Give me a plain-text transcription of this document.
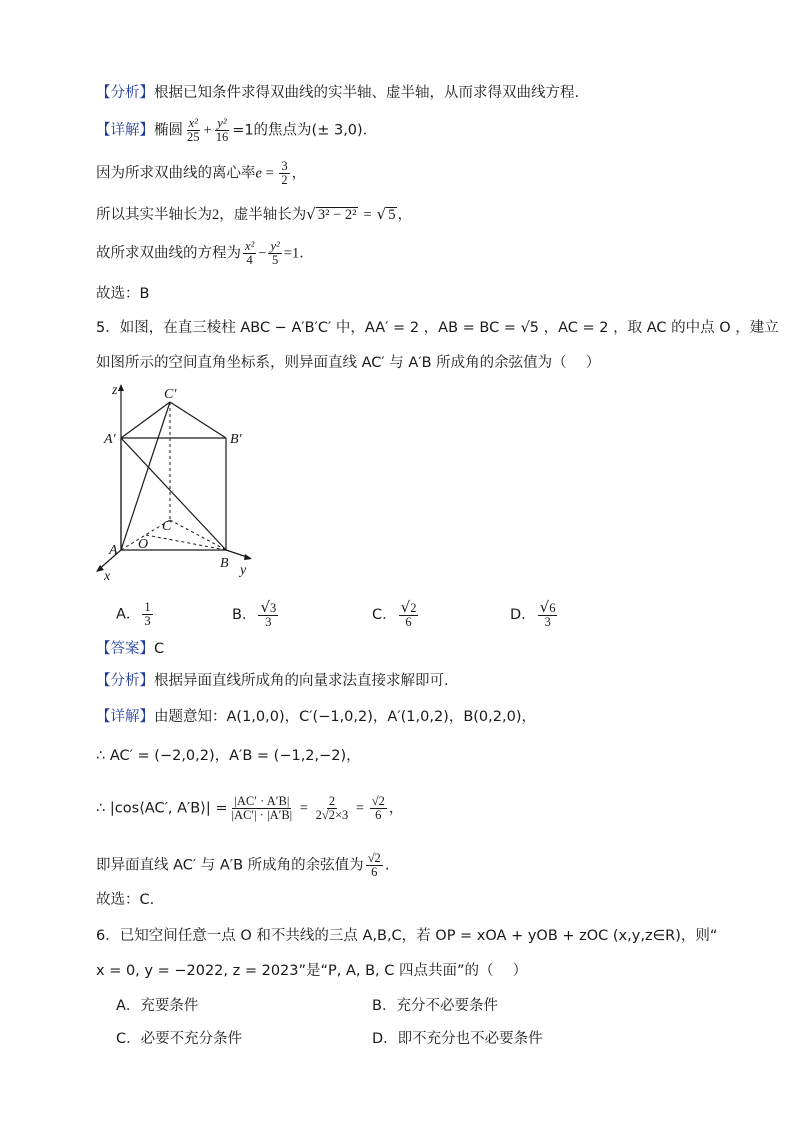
【分析】根据已知条件求得双曲线的实半轴、虚半轴，从而求得双曲线方程.
【详解】椭圆 $\frac{\text{x²}}{25} + \frac{\text{y²}}{16} =1$的焦点为(± 3,0)．
因为所求双曲线的离心率$e = \frac{3}{2}$ ，
所以其实半轴长为2，虚半轴长为√ 3² − 2² = √ 5 ，
故所求双曲线的方程为 $\frac{\text{x²}}{4} - \frac{\text{y²}}{5} =1$．
故选：B
5．如图，在直三棱柱 ABC − A′B′C′ 中，AA′ = 2 ，AB = BC = √5 ，AC = 2 ，取 AC 的中点 O ，建立
如图所示的空间直角坐标系，则异面直线 AC′ 与 A′B 所成角的余弦值为（　 ）
z	C′
A′	B′
C
O
A
B
x	y
A． $\frac{1}{3}$	B． $\frac{√3}{3}$	C． $\frac{√2}{6}$	D． $\frac{√6}{3}$
【答案】C
【分析】根据异面直线所成角的向量求法直接求解即可.
【详解】由题意知：A(1,0,0)，C′(−1,0,2)，A′(1,0,2)，B(0,2,0)，
∴ AC′ = (−2,0,2)，A′B = (−1,2,−2)，
∴ |cos⟨AC′, A′B⟩| = $\frac{|AC' \cdot A'B|}{|AC'| \cdot |A'B|} = \frac{2}{2√2\times 3} = \frac{√2}{6}$ ，
即异面直线 AC′ 与 A′B 所成角的余弦值为 $\frac{√2}{6}$ .
故选：C.
6．已知空间任意一点 O 和不共线的三点 A,B,C，若 OP = xOA + yOB + zOC (x,y,z∈R)，则“
x = 0, y = −2022, z = 2023”是“P, A, B, C 四点共面”的（　 ）
A．充要条件	B．充分不必要条件
C．必要不充分条件	D．即不充分也不必要条件
